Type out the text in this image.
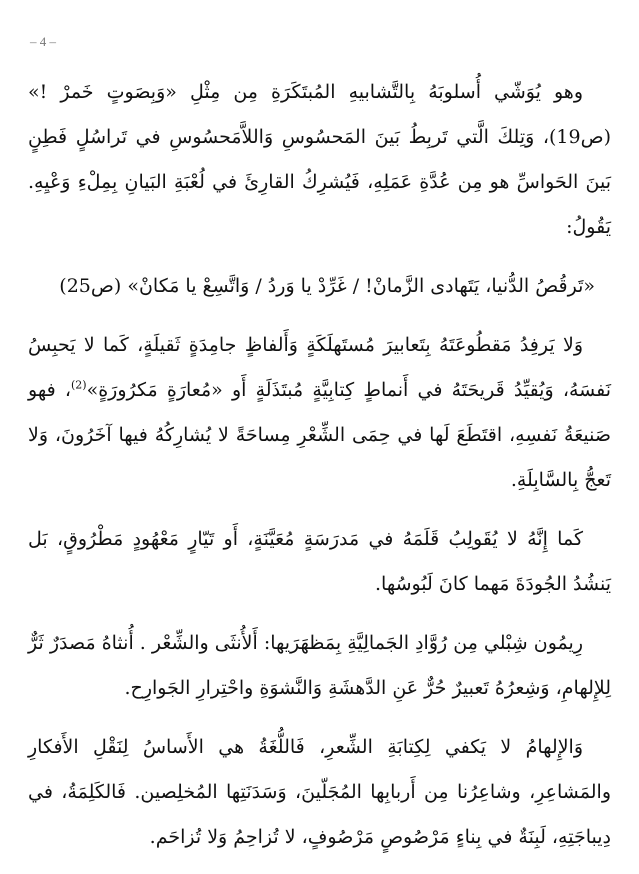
– 4 –

وهو يُوَشّي أُسلوبَهُ بِالتَّشابيهِ المُبتَكَرَةِ مِن مِثْلِ «وَبِصَوتٍ خَمرْ !» (ص19)، وَتِلكَ الَّتي تَربِطُ بَينَ المَحسُوسِ وَاللاَّمَحسُوسِ في تَراسُلٍ فَطِنٍ بَينَ الحَواسِّ هو مِن عُدَّةِ عَمَلِهِ، فَيُشرِكُ القارِئَ في لُعْبَةِ البَيانِ بِمِلْءِ وَعْيِهِ. يَقُولُ:

«تَرقُصُ الدُّنيا، يَتَهادى الزَّمانْ! / غَرِّدْ يا وَردُ / وَاتَّسِعْ يا مَكانْ» (ص25)

وَلا يَرفِدُ مَقطُوعَتَهُ بِتَعابيرَ مُستَهلَكَةٍ وَأَلفاظٍ جامِدَةٍ ثَقيلَةٍ، كَما لا يَحبِسُ نَفسَهُ، وَيُقيِّدُ قَريحَتَهُ في أَنماطٍ كِتابِيَّةٍ مُبتَذَلَةٍ أَو «مُعارَةٍ مَكرُورَةٍ»$^{(2)}$، فهو صَنيعَةُ نَفسِهِ، اقتَطَعَ لَها في حِمَى الشِّعْرِ مِساحَةً لا يُشارِكُهُ فيها آخَرُونَ، وَلا تَعجُّ بِالسَّابِلَةِ.

كَما إِنَّهُ لا يُقَولِبُ قَلَمَهُ في مَدرَسَةٍ مُعَيَّنَةٍ، أَو تَيّارٍ مَعْهُودٍ مَطْرُوقٍ، بَل يَنشُدُ الجُودَةَ مَهما كانَ لَبُوسُها.

رِيمُون شِبْلي مِن رُوَّادِ الجَمالِيَّةِ بِمَظهَرَيها: أَلأُنثَى والشِّعْر . أُنثاهُ مَصدَرٌ ثَرٌّ لِلإِلهامِ، وَشِعرُهُ تَعبيرٌ حُرٌّ عَنِ الدَّهشَةِ وَالنَّشوَةِ واحْتِرارِ الجَوارِح.

وَالإِلهامُ لا يَكفي لِكِتابَةِ الشِّعرِ، فَاللُّغَةُ هي الأَساسُ لِنَقْلِ الأَفكارِ والمَشاعِرِ، وشاعِرُنا مِن أَربابِها المُجَلّينَ، وَسَدَنَتِها المُخلِصين. فَالكَلِمَةُ، في دِيباجَتِهِ، لَبِنَةٌ في بِناءٍ مَرْصُوصٍ مَرْصُوفٍ، لا تُزاحِمُ وَلا تُزاحَم.
